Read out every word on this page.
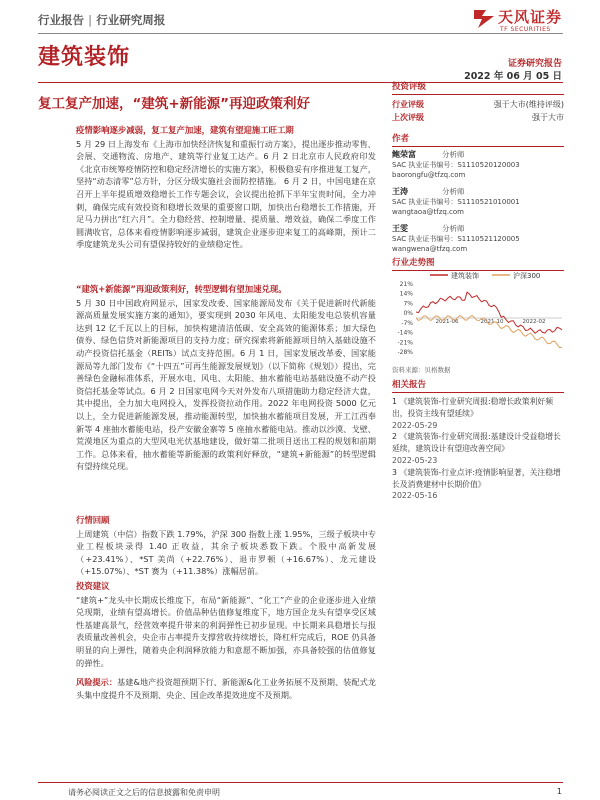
行业报告 | 行业研究周报	天风证券
TF SECURITIES
建筑装饰	证券研究报告
2022 年 06 月 05 日
复工复产加速，“建筑+新能源”再迎政策利好
疫情影响逐步减弱，复工复产加速，建筑有望迎施工旺工期

5 月 29 日上海发布《上海市加快经济恢复和重振行动方案》，提出逐步推动零售、会展、交通物流、房地产、建筑等行业复工达产。6 月 2 日北京市人民政府印发《北京市统筹疫情防控和稳定经济增长的实施方案》，积极稳妥有序推进复工复产，坚持“动态清零”总方针，分区分级实施社会面防控措施。 6 月 2 日，中国电建在京召开上半年提质增效稳增长工作专题会议，会议提出抢抓下半年宝贵时间，全力冲刺，确保完成有效投资和稳增长效果的重要窗口期，加快出台稳增长工作措施，开足马力拼出“红六月”。全力稳经营、控制增量、提质量、增效益，确保二季度工作圆满收官，总体来看疫情影响逐步减弱，建筑企业逐步迎来复工的高峰期，预计二季度建筑龙头公司有望保持较好的业绩稳定性。

“建筑+新能源”再迎政策利好，转型逻辑有望加速兑现。

5 月 30 日中国政府网显示，国家发改委、国家能源局发布《关于促进新时代新能源高质量发展实施方案的通知》，要实现到 2030 年风电、太阳能发电总装机容量达到 12 亿千瓦以上的目标，加快构建清洁低碳、安全高效的能源体系；加大绿色债券、绿色信贷对新能源项目的支持力度；研究探索将新能源项目纳入基础设施不动产投资信托基金（REITs）试点支持范围。6 月 1 日，国家发展改革委、国家能源局等九部门发布《“十四五”可再生能源发展规划》（以下简称《规划》）提出，完善绿色金融标准体系，开展水电、风电、太阳能、抽水蓄能电站基础设施不动产投资信托基金等试点。6 月 2 日国家电网今天对外发布八项措施助力稳定经济大盘，其中提出，全力加大电网投入，发挥投资拉动作用。2022 年电网投资 5000 亿元以上，全力促进新能源发展，推动能源转型，加快抽水蓄能项目发展，开工江西奉新等 4 座抽水蓄能电站，投产安徽金寨等 5 座抽水蓄能电站。推动以沙漠、戈壁、荒漠地区为重点的大型风电光伏基地建设，做好第二批项目送出工程的规划和前期工作。总体来看，抽水蓄能等新能源的政策利好释放，“建筑+新能源”的转型逻辑有望持续兑现。

行情回顾

上周建筑（中信）指数下跌 1.79%，沪深 300 指数上涨 1.95%，三级子板块中专业工程板块录得 1.40 正收益，其余子板块悉数下跌。个股中高新发展（+23.41%）、*ST 美尚（+22.76%）、退市罗顿（+16.67%）、龙元建设（+15.07%）、*ST 赛为（+11.38%）涨幅居前。

投资建议

“建筑+”龙头中长期成长维度下，布局“新能源”、“化工”产业的企业逐步进入业绩兑现期，业绩有望高增长。价值品种估值修复维度下，地方国企龙头有望享受区域性基建高景气，经营效率提升带来的利润弹性已初步显现。中长期来具稳增长与报表质量改善机会，央企市占率提升支撑营收持续增长，降杠杆完成后，ROE 仍具备明显的向上弹性，随着央企利润释放能力和意愿不断加强，亦具备较强的估值修复的弹性。

风险提示：基建&地产投资超预期下行、新能源&化工业务拓展不及预期、装配式龙头集中度提升不及预期、央企、国企改革提效进度不及预期。

投资评级
行业评级	强于大市(维持评级)
上次评级	强于大市
作者
鲍荣富	分析师
SAC 执业证书编号：S1110520120003
baorongfu@tfzq.com
王涛	分析师
SAC 执业证书编号：S1110521010001
wangtaoa@tfzq.com
王雯	分析师
SAC 执业证书编号：S1110521120005
wangwena@tfzq.com
行业走势图
建筑装饰	沪深300
21%
14%
7%
0%
-7%
-14%
-21%
-28%
2021-06	2021-10	2022-02
资料来源：贝格数据
相关报告
1 《建筑装饰-行业研究周报:稳增长政策利好频出，投资主线有望延续》
2022-05-29
2 《建筑装饰-行业研究周报:基建设计受益稳增长延续，建筑设计有望迎改善空间》
2022-05-23
3 《建筑装饰-行业点评:疫情影响显著，关注稳增长及消费建材中长期价值》
2022-05-16
请务必阅读正文之后的信息披露和免责申明	1
